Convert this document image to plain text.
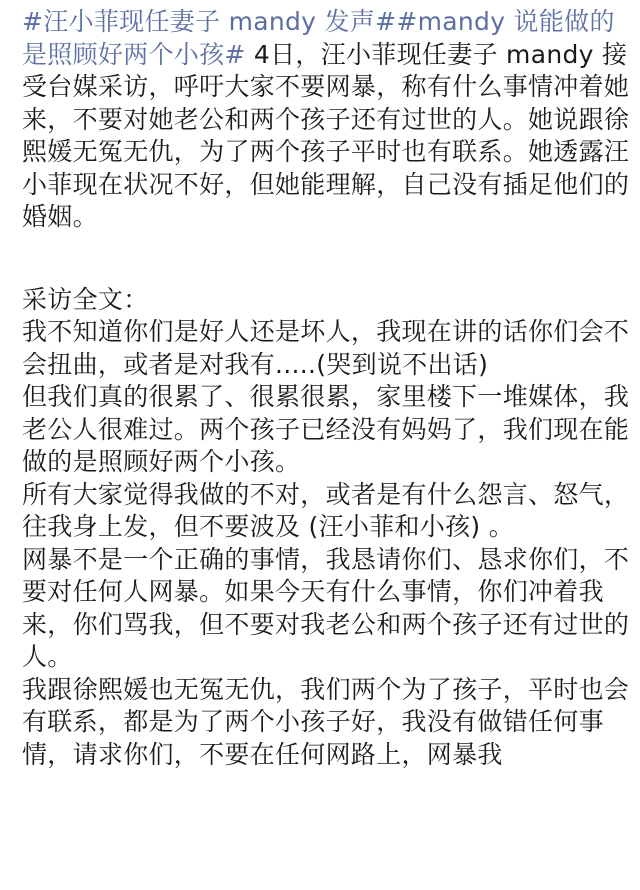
#汪小菲现任妻子 mandy 发声##mandy 说能做的是照顾好两个小孩# 4日，汪小菲现任妻子 mandy 接受台媒采访，呼吁大家不要网暴，称有什么事情冲着她来，不要对她老公和两个孩子还有过世的人。她说跟徐熙媛无冤无仇，为了两个孩子平时也有联系。她透露汪小菲现在状况不好，但她能理解，自己没有插足他们的婚姻。

采访全文：

我不知道你们是好人还是坏人，我现在讲的话你们会不会扭曲，或者是对我有.....(哭到说不出话)

但我们真的很累了、很累很累，家里楼下一堆媒体，我老公人很难过。两个孩子已经没有妈妈了，我们现在能做的是照顾好两个小孩。

所有大家觉得我做的不对，或者是有什么怨言、怒气，往我身上发，但不要波及 (汪小菲和小孩) 。

网暴不是一个正确的事情，我恳请你们、恳求你们，不要对任何人网暴。如果今天有什么事情，你们冲着我来，你们骂我，但不要对我老公和两个孩子还有过世的人。

我跟徐熙媛也无冤无仇，我们两个为了孩子，平时也会有联系，都是为了两个小孩子好，我没有做错任何事情，请求你们，不要在任何网路上，网暴我
